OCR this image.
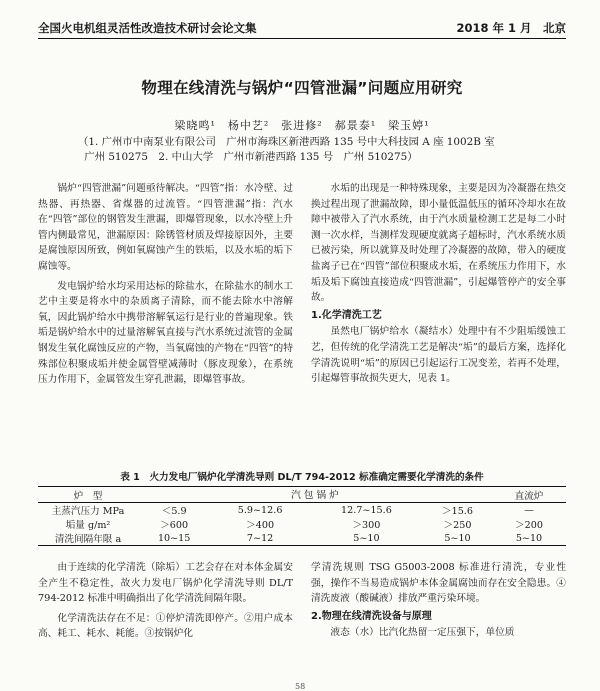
全国火电机组灵活性改造技术研讨会论文集	2018 年 1 月　北京
物理在线清洗与锅炉“四管泄漏”问题应用研究
梁晓鸣¹　杨中艺²　张进修²　郝景泰¹　梁玉婷¹
（1. 广州市中南泵业有限公司　广州市海珠区新港西路 135 号中大科技园 A 座 1002B 室
广州 510275　2. 中山大学　广州市新港西路 135 号　广州 510275）

锅炉“四管泄漏”问题亟待解决。“四管”指：水冷壁、过热器、再热器、省煤器的过流管。“四管泄漏”指：汽水在“四管”部位的钢管发生泄漏，即爆管现象，以水冷壁上升管内侧最常见，泄漏原因：除锈管材质及焊接原因外，主要是腐蚀原因所致，例如氧腐蚀产生的铁垢，以及水垢的垢下腐蚀等。

发电锅炉给水均采用达标的除盐水，在除盐水的制水工艺中主要是将水中的杂质离子清除，而不能去除水中溶解氧，因此锅炉给水中携带溶解氧运行是行业的普遍现象。铁垢是锅炉给水中的过量溶解氧直接与汽水系统过流管的金属钢发生氧化腐蚀反应的产物，当氧腐蚀的产物在“四管”的特殊部位积聚成垢并使金属管壁减薄时（豚皮现象），在系统压力作用下，金属管发生穿孔泄漏，即爆管事故。

水垢的出现是一种特殊现象，主要是因为冷凝器在热交换过程出现了泄漏故障，即小量低温低压的循环冷却水在故障中被带入了汽水系统，由于汽水质量检测工艺是每二小时测一次水样，当测样发现硬度就离子超标时，汽水系统水质已被污染，所以就算及时处理了冷凝器的故障，带入的硬度盐离子已在“四管”部位积聚成水垢，在系统压力作用下，水垢及垢下腐蚀直接造成“四管泄漏”，引起爆管停产的安全事故。

1.化学清洗工艺

虽然电厂锅炉给水（凝结水）处理中有不少阻垢缓蚀工艺，但传统的化学清洗工艺是解决“垢”的最后方案，选择化学清洗说明“垢”的原因已引起运行工况变差，若再不处理，引起爆管事故损失更大，见表 1。

表 1　火力发电厂锅炉化学清洗导则 DL/T 794-2012 标准确定需要化学清洗的条件
炉　型	汽 包 锅 炉				直流炉

主蒸汽压力 MPa	＜5.9	5.9~12.6	12.7~15.6	＞15.6	—
垢量 g/m²	＞600	＞400	＞300	＞250	＞200
清洗间隔年限 a	10~15	7~12	5~10	5~10	5~10

由于连续的化学清洗（除垢）工艺会存在对本体金属安全产生不稳定性，故火力发电厂锅炉化学清洗导则 DL/T 794-2012 标准中明确指出了化学清洗间隔年限。

化学清洗法存在不足：①停炉清洗即停产。②用户成本高、耗工、耗水、耗能。③按锅炉化

学清洗规则 TSG G5003-2008 标准进行清洗，专业性强，操作不当易造成锅炉本体金属腐蚀而存在安全隐患。④清洗废液（酸碱液）排放严重污染环境。

2.物理在线清洗设备与原理

液态（水）比汽化热留一定压强下，单位质

58
